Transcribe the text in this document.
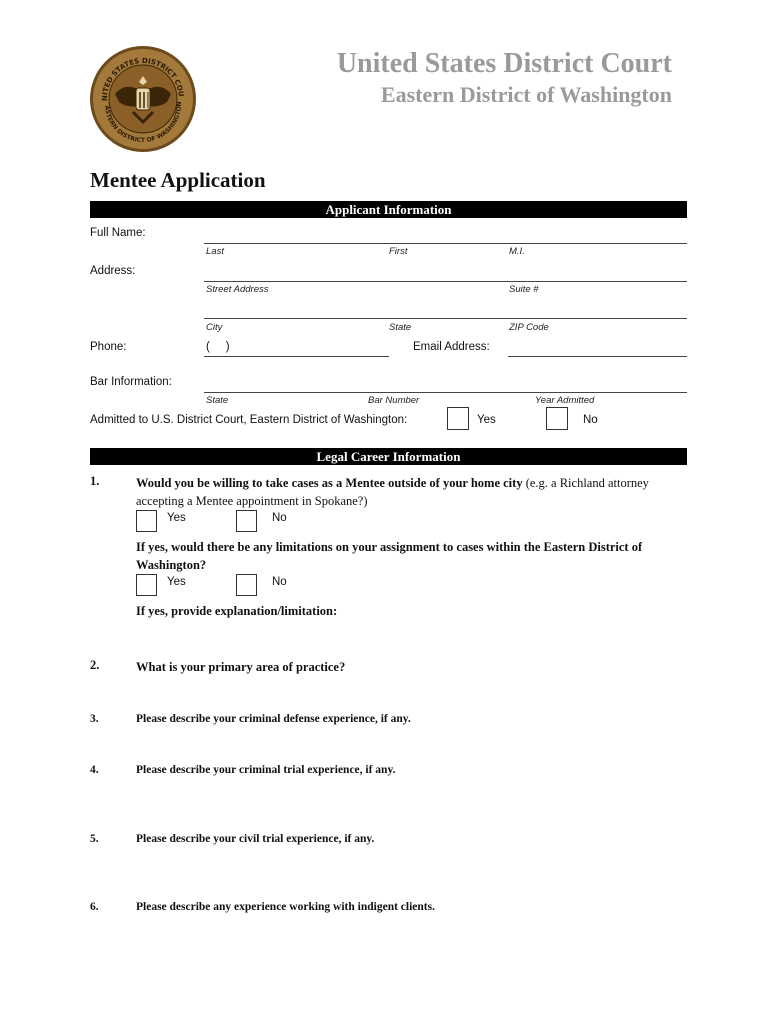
NITED STATES DISTRICT COU
ASTERN DISTRICT OF WASHINGTON
United States District Court
Eastern District of Washington
Mentee Application
Applicant Information
Full Name:
Last	First	M.I.
Address:
Street Address	Suite #
City	State	ZIP Code
Phone:	(     )	Email Address:
Bar Information:
State	Bar Number	Year Admitted
Admitted to U.S. District Court, Eastern District of Washington:	Yes	No
Legal Career Information
1.	Would you be willing to take cases as a Mentee outside of your home city (e.g. a Richland attorney accepting a Mentee appointment in Spokane?)
Yes	No
If yes, would there be any limitations on your assignment to cases within the Eastern District of Washington?
Yes	No
If yes, provide explanation/limitation:
2.	What is your primary area of practice?
3.	Please describe your criminal defense experience, if any.
4.	Please describe your criminal trial experience, if any.
5.	Please describe your civil trial experience, if any.
6.	Please describe any experience working with indigent clients.
